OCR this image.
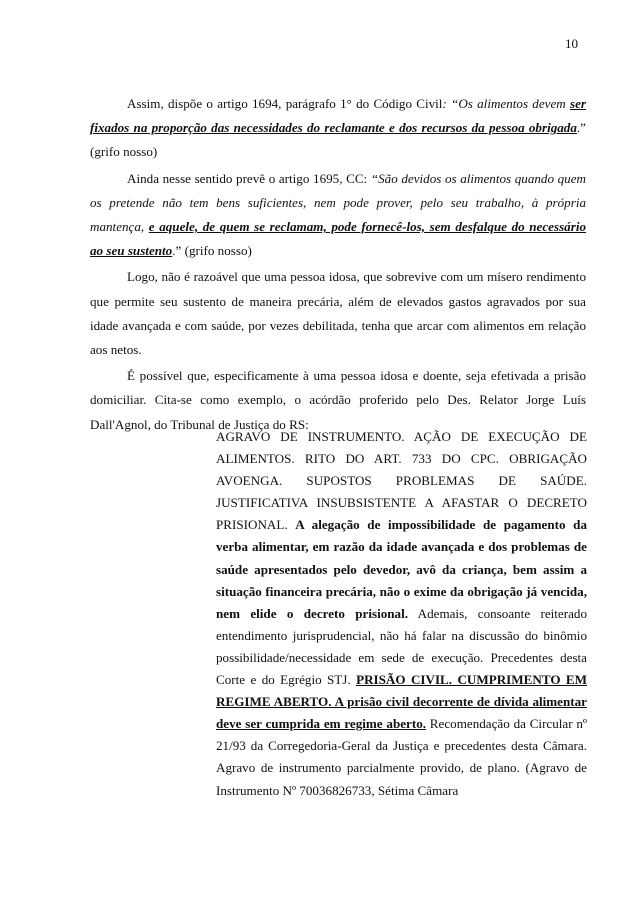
10

Assim, dispõe o artigo 1694, parágrafo 1° do Código Civil: “Os alimentos devem ser fixados na proporção das necessidades do reclamante e dos recursos da pessoa obrigada.” (grifo nosso)

Ainda nesse sentido prevê o artigo 1695, CC: “São devidos os alimentos quando quem os pretende não tem bens suficientes, nem pode prover, pelo seu trabalho, à própria mantença, e aquele, de quem se reclamam, pode fornecê-los, sem desfalque do necessário ao seu sustento.” (grifo nosso)

Logo, não é razoável que uma pessoa idosa, que sobrevive com um mísero rendimento que permite seu sustento de maneira precária, além de elevados gastos agravados por sua idade avançada e com saúde, por vezes debilitada, tenha que arcar com alimentos em relação aos netos.

É possível que, especificamente à uma pessoa idosa e doente, seja efetivada a prisão domiciliar. Cita-se como exemplo, o acórdão proferido pelo Des. Relator Jorge Luís Dall'Agnol, do Tribunal de Justiça do RS:

AGRAVO DE INSTRUMENTO. AÇÃO DE EXECUÇÃO DE ALIMENTOS. RITO DO ART. 733 DO CPC. OBRIGAÇÃO AVOENGA. SUPOSTOS PROBLEMAS DE SAÚDE. JUSTIFICATIVA INSUBSISTENTE A AFASTAR O DECRETO PRISIONAL. A alegação de impossibilidade de pagamento da verba alimentar, em razão da idade avançada e dos problemas de saúde apresentados pelo devedor, avô da criança, bem assim a situação financeira precária, não o exime da obrigação já vencida, nem elide o decreto prisional. Ademais, consoante reiterado entendimento jurisprudencial, não há falar na discussão do binômio possibilidade/necessidade em sede de execução. Precedentes desta Corte e do Egrégio STJ. PRISÃO CIVIL. CUMPRIMENTO EM REGIME ABERTO. A prisão civil decorrente de dívida alimentar deve ser cumprida em regime aberto. Recomendação da Circular nº 21/93 da Corregedoria-Geral da Justiça e precedentes desta Câmara. Agravo de instrumento parcialmente provido, de plano. (Agravo de Instrumento Nº 70036826733, Sétima Câmara
